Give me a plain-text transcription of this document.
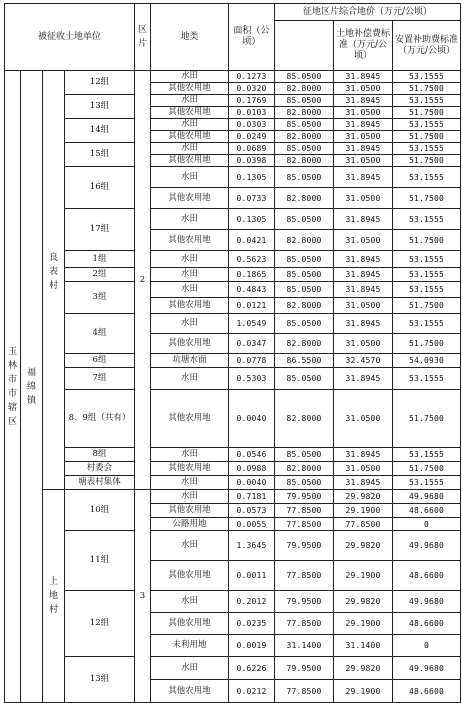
被征收土地单位				区片	地类	面积（公顷）	征地区片综合地价（万元/公顷）		
								土地补偿费标准（万元/公顷）	安置补助费标准（万元/公顷）

玉林市市辖区	福绵镇	良表村	12组	2	水田	0.1273	85.0500	31.8945	53.1555
					其他农用地	0.0320	82.8000	31.0500	51.7500
			13组		水田	0.1769	85.0500	31.8945	53.1555
					其他农用地	0.0103	82.8000	31.0500	51.7500
			14组		水田	0.0303	85.0500	31.8945	53.1555
					其他农用地	0.0249	82.8000	31.0500	51.7500
			15组		水田	0.0689	85.0500	31.8945	53.1555
					其他农用地	0.0398	82.8000	31.0500	51.7500
			16组		水田	0.1305	85.0500	31.8945	53.1555
					其他农用地	0.0733	82.8000	31.0500	51.7500
			17组		水田	0.1305	85.0500	31.8945	53.1555
					其他农用地	0.0421	82.8000	31.0500	51.7500
			1组		水田	0.5623	85.0500	31.8945	53.1555
			2组		水田	0.1865	85.0500	31.8945	53.1555
			3组		水田	0.4843	85.0500	31.8945	53.1555
					其他农用地	0.0121	82.8000	31.0500	51.7500
			4组		水田	1.0549	85.0500	31.8945	53.1555
					其他农用地	0.0347	82.8000	31.0500	51.7500
			6组		坑塘水面	0.0778	86.5500	32.4570	54.0930
			7组		水田	0.5303	85.0500	31.8945	53.1555
			8、9组（共有）		其他农用地	0.0040	82.8000	31.0500	51.7500
			8组		水田	0.0546	85.0500	31.8945	53.1555
			村委会		其他农用地	0.0988	82.8000	31.0500	51.7500
			塘表村集体		水田	0.0040	85.0500	31.8945	53.1555
		上地村	10组	3	水田	0.7181	79.9500	29.9820	49.9680
					其他农用地	0.0573	77.8500	29.1900	48.6600
					公路用地	0.0055	77.8500	77.8500	0
			11组		水田	1.3645	79.9500	29.9820	49.9680
					其他农用地	0.0011	77.8500	29.1900	48.6600
			12组		水田	0.2012	79.9500	29.9820	49.9680
					其他农用地	0.0235	77.8500	29.1900	48.6600
					未利用地	0.0019	31.1400	31.1400	0
			13组		水田	0.6226	79.9500	29.9820	49.9680
					其他农用地	0.0212	77.8500	29.1900	48.6600
